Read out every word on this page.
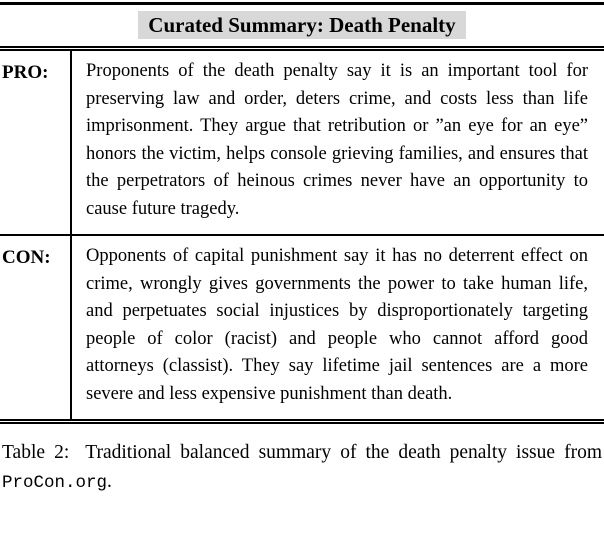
Curated Summary: Death Penalty
PRO:	Proponents of the death penalty say it is an important tool for preserving law and order, deters crime, and costs less than life imprisonment. They argue that retribution or ”an eye for an eye” honors the victim, helps console grieving families, and ensures that the perpetrators of heinous crimes never have an opportunity to cause future tragedy.

CON:	Opponents of capital punishment say it has no deterrent effect on crime, wrongly gives governments the power to take human life, and perpetuates social injustices by disproportionately targeting people of color (racist) and people who cannot afford good attorneys (classist). They say lifetime jail sentences are a more severe and less expensive punishment than death.

Table 2: Traditional balanced summary of the death penalty issue from ProCon.org.
